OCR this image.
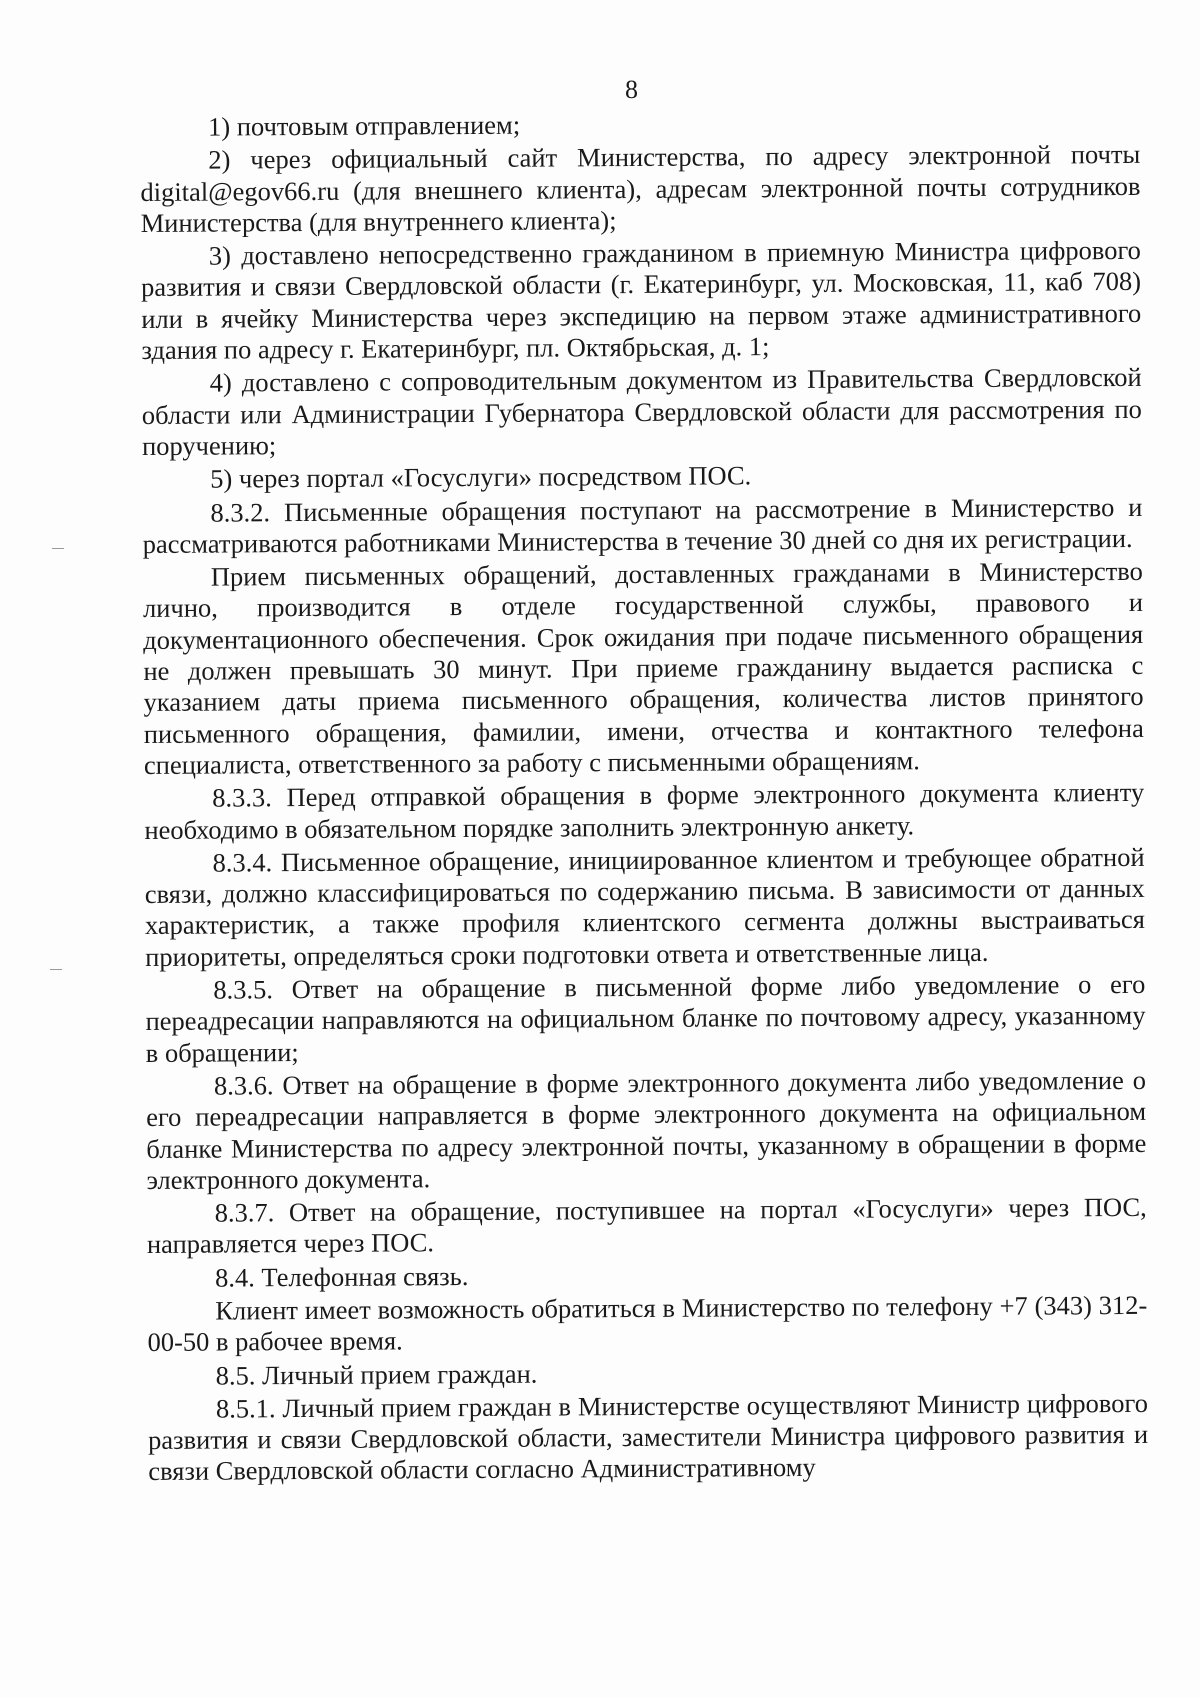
8

1) почтовым отправлением;

2) через официальный сайт Министерства, по адресу электронной почты digital@egov66.ru (для внешнего клиента), адресам электронной почты сотрудников Министерства (для внутреннего клиента);

3) доставлено непосредственно гражданином в приемную Министра цифрового развития и связи Свердловской области (г. Екатеринбург, ул. Московская, 11, каб 708) или в ячейку Министерства через экспедицию на первом этаже административного здания по адресу г. Екатеринбург, пл. Октябрьская, д. 1;

4) доставлено с сопроводительным документом из Правительства Свердловской области или Администрации Губернатора Свердловской области для рассмотрения по поручению;

5) через портал «Госуслуги» посредством ПОС.

8.3.2. Письменные обращения поступают на рассмотрение в Министерство и рассматриваются работниками Министерства в течение 30 дней со дня их регистрации.

Прием письменных обращений, доставленных гражданами в Министерство лично, производится в отделе государственной службы, правового и документационного обеспечения. Срок ожидания при подаче письменного обращения не должен превышать 30 минут. При приеме гражданину выдается расписка с указанием даты приема письменного обращения, количества листов принятого письменного обращения, фамилии, имени, отчества и контактного телефона специалиста, ответственного за работу с письменными обращениям.

8.3.3. Перед отправкой обращения в форме электронного документа клиенту необходимо в обязательном порядке заполнить электронную анкету.

8.3.4. Письменное обращение, инициированное клиентом и требующее обратной связи, должно классифицироваться по содержанию письма. В зависимости от данных характеристик, а также профиля клиентского сегмента должны выстраиваться приоритеты, определяться сроки подготовки ответа и ответственные лица.

8.3.5. Ответ на обращение в письменной форме либо уведомление о его переадресации направляются на официальном бланке по почтовому адресу, указанному в обращении;

8.3.6. Ответ на обращение в форме электронного документа либо уведомление о его переадресации направляется в форме электронного документа на официальном бланке Министерства по адресу электронной почты, указанному в обращении в форме электронного документа.

8.3.7. Ответ на обращение, поступившее на портал «Госуслуги» через ПОС, направляется через ПОС.

8.4. Телефонная связь.

Клиент имеет возможность обратиться в Министерство по телефону +7 (343) 312-00-50 в рабочее время.

8.5. Личный прием граждан.

8.5.1. Личный прием граждан в Министерстве осуществляют Министр цифрового развития и связи Свердловской области, заместители Министра цифрового развития и связи Свердловской области согласно Административному
